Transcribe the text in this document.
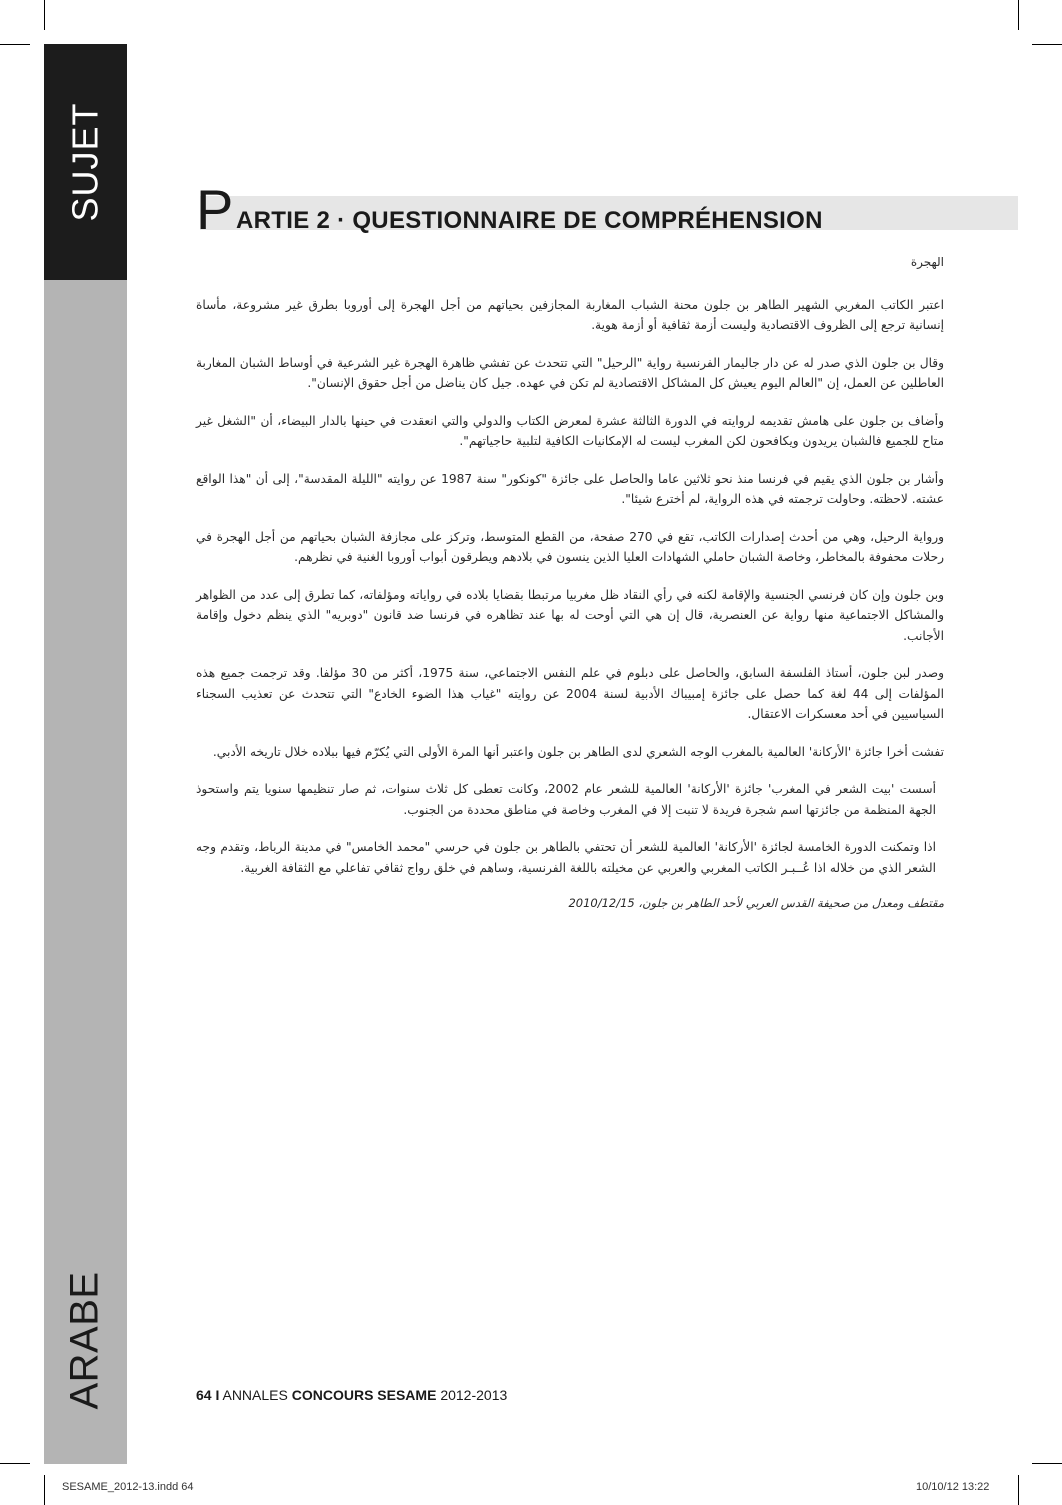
SUJET
ARABE
P ARTIE 2 · QUESTIONNAIRE DE COMPRÉHENSION

الهجرة

اعتبر الكاتب المغربي الشهير الطاهر بن جلون محنة الشباب المغاربة المجازفين بحياتهم من أجل الهجرة إلى أوروبا بطرق غير مشروعة، مأساة إنسانية ترجع إلى الظروف الاقتصادية وليست أزمة ثقافية أو أزمة هوية.

وقال بن جلون الذي صدر له عن دار جاليمار الفرنسية رواية "الرحيل" التي تتحدث عن تفشي ظاهرة الهجرة غير الشرعية في أوساط الشبان المغاربة العاطلين عن العمل، إن "العالم اليوم يعيش كل المشاكل الاقتصادية لم تكن في عهده. جيل كان يناضل من أجل حقوق الإنسان".

وأضاف بن جلون على هامش تقديمه لروايته في الدورة الثالثة عشرة لمعرض الكتاب والدولي والتي انعقدت في حينها بالدار البيضاء، أن "الشغل غير متاح للجميع فالشبان يريدون ويكافحون لكن المغرب ليست له الإمكانيات الكافية لتلبية حاجياتهم".

وأشار بن جلون الذي يقيم في فرنسا منذ نحو ثلاثين عاما والحاصل على جائزة "كونكور" سنة 1987 عن روايته "الليلة المقدسة"، إلى أن "هذا الواقع عشته. لاحظته. وحاولت ترجمته في هذه الرواية، لم أخترع شيئا".

ورواية الرحيل، وهي من أحدث إصدارات الكاتب، تقع في 270 صفحة، من القطع المتوسط، وتركز على مجازفة الشبان بحياتهم من أجل الهجرة في رحلات محفوفة بالمخاطر، وخاصة الشبان حاملي الشهادات العليا الذين ينسون في بلادهم ويطرقون أبواب أوروبا الغنية في نظرهم.

وبن جلون وإن كان فرنسي الجنسية والإقامة لكنه في رأي النقاد ظل مغربيا مرتبطا بقضايا بلاده في رواياته ومؤلفاته، كما تطرق إلى عدد من الظواهر والمشاكل الاجتماعية منها رواية عن العنصرية، قال إن هي التي أوحت له بها عند تظاهره في فرنسا ضد قانون "دوبريه" الذي ينظم دخول وإقامة الأجانب.

وصدر لبن جلون، أستاذ الفلسفة السابق، والحاصل على دبلوم في علم النفس الاجتماعي، سنة 1975، أكثر من 30 مؤلفا. وقد ترجمت جميع هذه المؤلفات إلى 44 لغة كما حصل على جائزة إمبيباك الأدبية لسنة 2004 عن روايته "غياب هذا الضوء الخادع" التي تتحدث عن تعذيب السجناء السياسيين في أحد معسكرات الاعتقال.

تفشت أخرا جائزة 'الأركانة' العالمية بالمغرب الوجه الشعري لدى الطاهر بن جلون واعتبر أنها المرة الأولى التي يُكرّم فيها ببلاده خلال تاريخه الأدبي.

أسست 'بيت الشعر في المغرب' جائزة 'الأركانة' العالمية للشعر عام 2002، وكانت تعطى كل ثلاث سنوات، ثم صار تنظيمها سنويا يتم واستحوذ الجهة المنظمة من جائزتها اسم شجرة فريدة لا تنبت إلا في المغرب وخاصة في مناطق محددة من الجنوب.

اذا وتمكنت الدورة الخامسة لجائزة 'الأركانة' العالمية للشعر أن تحتفي بالطاهر بن جلون في حرسي "محمد الخامس" في مدينة الرباط، وتقدم وجه الشعر الذي من خلاله اذا عُــبـر الكاتب المغربي والعربي عن مخيلته باللغة الفرنسية، وساهم في خلق رواج ثقافي تفاعلي مع الثقافة الغربية.

مقتطف ومعدل من صحيفة القدس العربي لأحد الطاهر بن جلون، 2010/12/15

64 I ANNALES CONCOURS SESAME 2012-2013
SESAME_2012-13.indd 64	10/10/12 13:22
